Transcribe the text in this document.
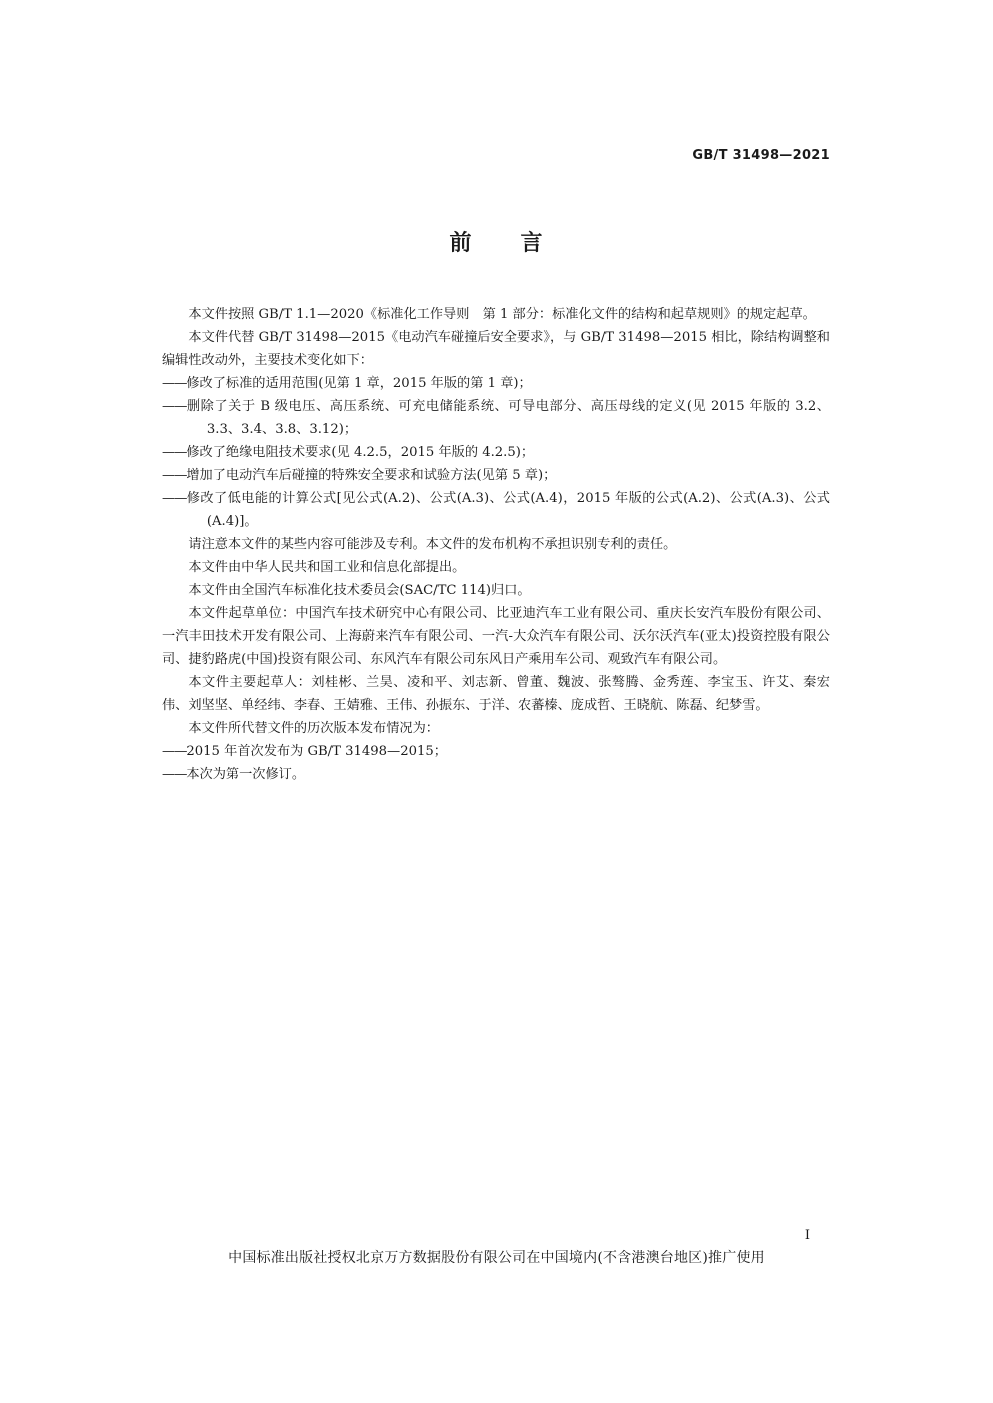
GB/T 31498—2021
前 言

本文件按照 GB/T 1.1—2020《标准化工作导则　第 1 部分：标准化文件的结构和起草规则》的规定起草。

本文件代替 GB/T 31498—2015《电动汽车碰撞后安全要求》，与 GB/T 31498—2015 相比，除结构调整和编辑性改动外，主要技术变化如下：

——修改了标准的适用范围(见第 1 章，2015 年版的第 1 章)；

——删除了关于 B 级电压、高压系统、可充电储能系统、可导电部分、高压母线的定义(见 2015 年版的 3.2、3.3、3.4、3.8、3.12)；

——修改了绝缘电阻技术要求(见 4.2.5，2015 年版的 4.2.5)；

——增加了电动汽车后碰撞的特殊安全要求和试验方法(见第 5 章)；

——修改了低电能的计算公式[见公式(A.2)、公式(A.3)、公式(A.4)，2015 年版的公式(A.2)、公式(A.3)、公式(A.4)]。

请注意本文件的某些内容可能涉及专利。本文件的发布机构不承担识别专利的责任。

本文件由中华人民共和国工业和信息化部提出。

本文件由全国汽车标准化技术委员会(SAC/TC 114)归口。

本文件起草单位：中国汽车技术研究中心有限公司、比亚迪汽车工业有限公司、重庆长安汽车股份有限公司、一汽丰田技术开发有限公司、上海蔚来汽车有限公司、一汽-大众汽车有限公司、沃尔沃汽车(亚太)投资控股有限公司、捷豹路虎(中国)投资有限公司、东风汽车有限公司东风日产乘用车公司、观致汽车有限公司。

本文件主要起草人：刘桂彬、兰昊、凌和平、刘志新、曾董、魏波、张骜腾、金秀莲、李宝玉、许艾、秦宏伟、刘坚坚、单经纬、李春、王婧雅、王伟、孙振东、于洋、农蕃榛、庞成哲、王晓航、陈磊、纪梦雪。

本文件所代替文件的历次版本发布情况为：

——2015 年首次发布为 GB/T 31498—2015；

——本次为第一次修订。

I
中国标准出版社授权北京万方数据股份有限公司在中国境内(不含港澳台地区)推广使用
